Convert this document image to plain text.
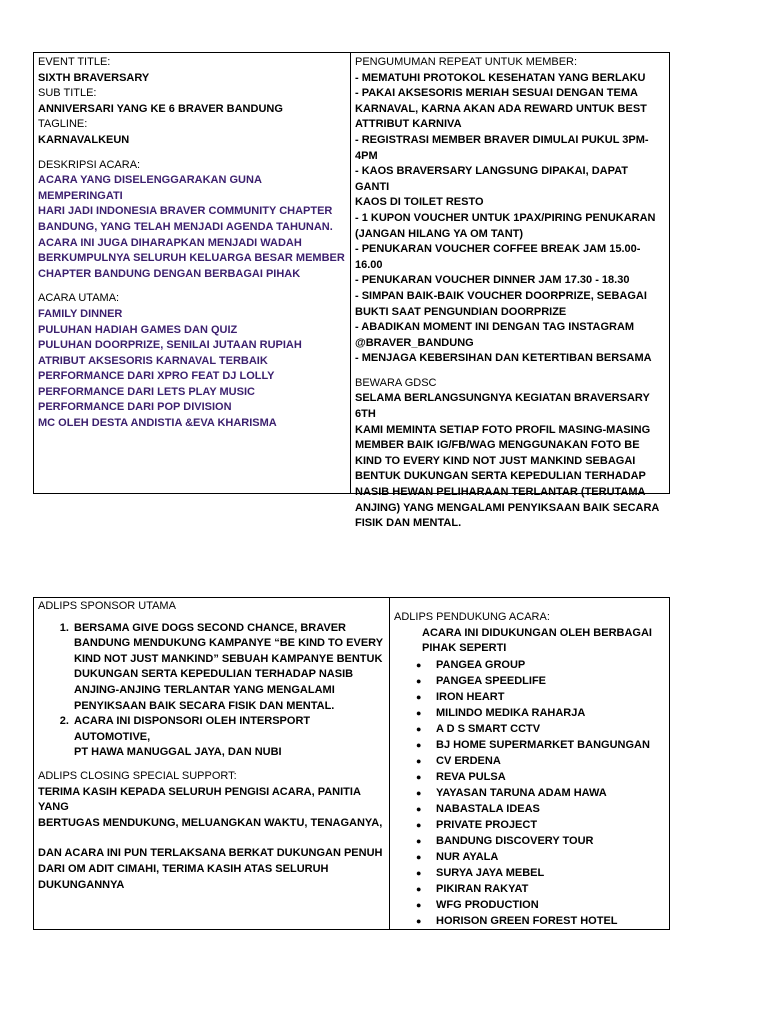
EVENT TITLE:
SIXTH BRAVERSARY
SUB TITLE:
ANNIVERSARI YANG KE 6 BRAVER BANDUNG
TAGLINE:
KARNAVALKEUN
DESKRIPSI ACARA:
ACARA YANG DISELENGGARAKAN GUNA MEMPERINGATI
HARI JADI INDONESIA BRAVER COMMUNITY CHAPTER
BANDUNG, YANG TELAH MENJADI AGENDA TAHUNAN.
ACARA INI JUGA DIHARAPKAN MENJADI WADAH
BERKUMPULNYA SELURUH KELUARGA BESAR MEMBER
CHAPTER BANDUNG DENGAN BERBAGAI PIHAK
ACARA UTAMA:
FAMILY DINNER
PULUHAN HADIAH GAMES DAN QUIZ
PULUHAN DOORPRIZE, SENILAI JUTAAN RUPIAH
ATRIBUT AKSESORIS KARNAVAL TERBAIK
PERFORMANCE DARI XPRO FEAT DJ LOLLY
PERFORMANCE DARI LETS PLAY MUSIC
PERFORMANCE DARI POP DIVISION
MC OLEH DESTA ANDISTIA &EVA KHARISMA
PENGUMUMAN REPEAT UNTUK MEMBER:
- MEMATUHI PROTOKOL KESEHATAN YANG BERLAKU
- PAKAI AKSESORIS MERIAH SESUAI DENGAN TEMA
KARNAVAL, KARNA AKAN ADA REWARD UNTUK BEST
ATTRIBUT KARNIVA
- REGISTRASI MEMBER BRAVER DIMULAI PUKUL 3PM-
4PM
- KAOS BRAVERSARY LANGSUNG DIPAKAI, DAPAT GANTI
KAOS DI TOILET RESTO
- 1 KUPON VOUCHER UNTUK 1PAX/PIRING PENUKARAN
(JANGAN HILANG YA OM TANT)
- PENUKARAN VOUCHER COFFEE BREAK JAM 15.00-16.00
- PENUKARAN VOUCHER DINNER JAM 17.30 - 18.30
- SIMPAN BAIK-BAIK VOUCHER DOORPRIZE, SEBAGAI
BUKTI SAAT PENGUNDIAN DOORPRIZE
- ABADIKAN MOMENT INI DENGAN TAG INSTAGRAM
@BRAVER_BANDUNG
- MENJAGA KEBERSIHAN DAN KETERTIBAN BERSAMA
BEWARA GDSC
SELAMA BERLANGSUNGNYA KEGIATAN BRAVERSARY 6TH
KAMI MEMINTA SETIAP FOTO PROFIL MASING-MASING
MEMBER BAIK IG/FB/WAG MENGGUNAKAN FOTO BE
KIND TO EVERY KIND NOT JUST MANKIND SEBAGAI
BENTUK DUKUNGAN SERTA KEPEDULIAN TERHADAP
NASIB HEWAN PELIHARAAN TERLANTAR (TERUTAMA
ANJING) YANG MENGALAMI PENYIKSAAN BAIK SECARA
FISIK DAN MENTAL.
ADLIPS SPONSOR UTAMA
1. BERSAMA GIVE DOGS SECOND CHANCE, BRAVER
BANDUNG MENDUKUNG KAMPANYE “BE KIND TO EVERY
KIND NOT JUST MANKIND” SEBUAH KAMPANYE BENTUK
DUKUNGAN SERTA KEPEDULIAN TERHADAP NASIB
ANJING-ANJING TERLANTAR YANG MENGALAMI
PENYIKSAAN BAIK SECARA FISIK DAN MENTAL.
2. ACARA INI DISPONSORI OLEH INTERSPORT AUTOMOTIVE,
PT HAWA MANUGGAL JAYA, DAN NUBI
ADLIPS CLOSING SPECIAL SUPPORT:
TERIMA KASIH KEPADA SELURUH PENGISI ACARA, PANITIA YANG
BERTUGAS MENDUKUNG, MELUANGKAN WAKTU, TENAGANYA,
DAN ACARA INI PUN TERLAKSANA BERKAT DUKUNGAN PENUH
DARI OM ADIT CIMAHI, TERIMA KASIH ATAS SELURUH
DUKUNGANNYA
ADLIPS PENDUKUNG ACARA:
ACARA INI DIDUKUNGAN OLEH BERBAGAI
PIHAK SEPERTI
● PANGEA GROUP
● PANGEA SPEEDLIFE
● IRON HEART
● MILINDO MEDIKA RAHARJA
● A D S SMART CCTV
● BJ HOME SUPERMARKET BANGUNGAN
● CV ERDENA
● REVA PULSA
● YAYASAN TARUNA ADAM HAWA
● NABASTALA IDEAS
● PRIVATE PROJECT
● BANDUNG DISCOVERY TOUR
● NUR AYALA
● SURYA JAYA MEBEL
● PIKIRAN RAKYAT
● WFG PRODUCTION
● HORISON GREEN FOREST HOTEL
